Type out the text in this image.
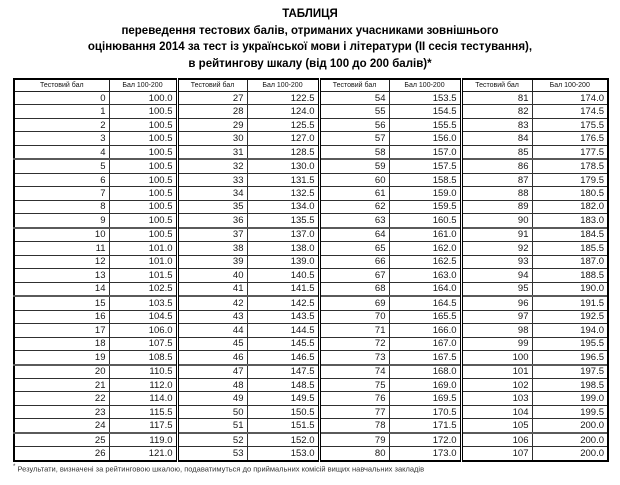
ТАБЛИЦЯ
переведення тестових балів, отриманих учасниками зовнішнього
оцінювання 2014 за тест із української мови і літератури (ІІ сесія тестування),
в рейтингову шкалу (від 100 до 200 балів)*
Тестовий бал	Бал 100-200	Тестовий бал	Бал 100-200	Тестовий бал	Бал 100-200	Тестовий бал	Бал 100-200
0	100.0	27	122.5	54	153.5	81	174.0
1	100.5	28	124.0	55	154.5	82	174.5
2	100.5	29	125.5	56	155.5	83	175.5
3	100.5	30	127.0	57	156.0	84	176.5
4	100.5	31	128.5	58	157.0	85	177.5
5	100.5	32	130.0	59	157.5	86	178.5
6	100.5	33	131.5	60	158.5	87	179.5
7	100.5	34	132.5	61	159.0	88	180.5
8	100.5	35	134.0	62	159.5	89	182.0
9	100.5	36	135.5	63	160.5	90	183.0
10	100.5	37	137.0	64	161.0	91	184.5
11	101.0	38	138.0	65	162.0	92	185.5
12	101.0	39	139.0	66	162.5	93	187.0
13	101.5	40	140.5	67	163.0	94	188.5
14	102.5	41	141.5	68	164.0	95	190.0
15	103.5	42	142.5	69	164.5	96	191.5
16	104.5	43	143.5	70	165.5	97	192.5
17	106.0	44	144.5	71	166.0	98	194.0
18	107.5	45	145.5	72	167.0	99	195.5
19	108.5	46	146.5	73	167.5	100	196.5
20	110.5	47	147.5	74	168.0	101	197.5
21	112.0	48	148.5	75	169.0	102	198.5
22	114.0	49	149.5	76	169.5	103	199.0
23	115.5	50	150.5	77	170.5	104	199.5
24	117.5	51	151.5	78	171.5	105	200.0
25	119.0	52	152.0	79	172.0	106	200.0
26	121.0	53	153.0	80	173.0	107	200.0
* Результати, визначені за рейтинговою шкалою, подаватимуться до приймальних комісій вищих навчальних закладів
